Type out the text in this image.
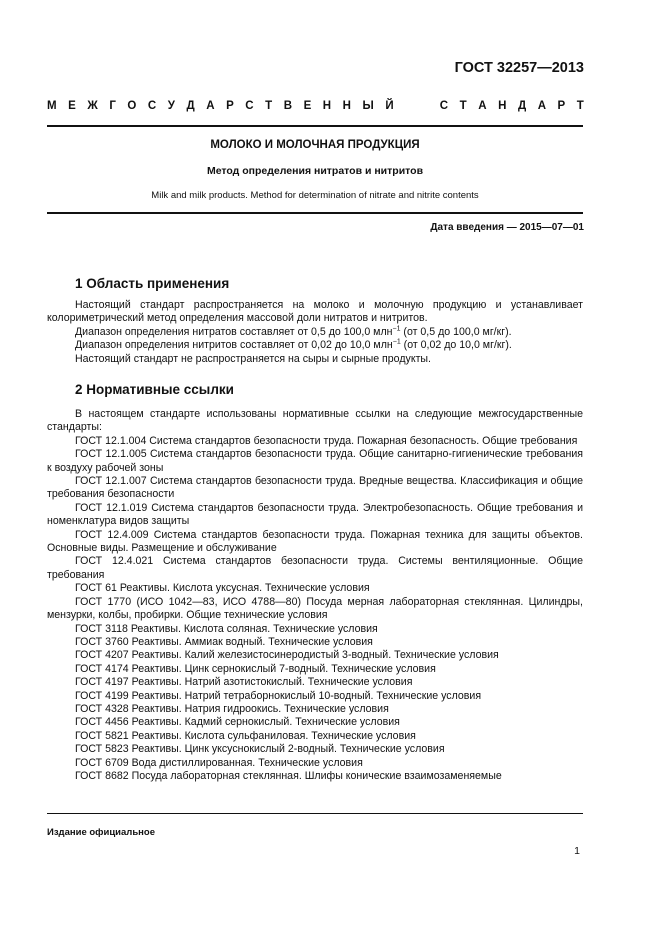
ГОСТ 32257—2013
М Е Ж Г О С У Д А Р С Т В Е Н Н Ы Й	С Т А Н Д А Р Т
МОЛОКО И МОЛОЧНАЯ ПРОДУКЦИЯ
Метод определения нитратов и нитритов
Milk and milk products. Method for determination of nitrate and nitrite contents
Дата введения — 2015—07—01
1 Область применения

Настоящий стандарт распространяется на молоко и молочную продукцию и устанавливает колориметрический метод определения массовой доли нитратов и нитритов.

Диапазон определения нитратов составляет от 0,5 до 100,0 млн$^{-1}$ (от 0,5 до 100,0 мг/кг).

Диапазон определения нитритов составляет от 0,02 до 10,0 млн$^{-1}$ (от 0,02 до 10,0 мг/кг).

Настоящий стандарт не распространяется на сыры и сырные продукты.

2 Нормативные ссылки

В настоящем стандарте использованы нормативные ссылки на следующие межгосударственные стандарты:

ГОСТ 12.1.004 Система стандартов безопасности труда. Пожарная безопасность. Общие требования

ГОСТ 12.1.005 Система стандартов безопасности труда. Общие санитарно-гигиенические требования к воздуху рабочей зоны

ГОСТ 12.1.007 Система стандартов безопасности труда. Вредные вещества. Классификация и общие требования безопасности

ГОСТ 12.1.019 Система стандартов безопасности труда. Электробезопасность. Общие требования и номенклатура видов защиты

ГОСТ 12.4.009 Система стандартов безопасности труда. Пожарная техника для защиты объектов. Основные виды. Размещение и обслуживание

ГОСТ 12.4.021 Система стандартов безопасности труда. Системы вентиляционные. Общие требования

ГОСТ 61 Реактивы. Кислота уксусная. Технические условия

ГОСТ 1770 (ИСО 1042—83, ИСО 4788—80) Посуда мерная лабораторная стеклянная. Цилиндры, мензурки, колбы, пробирки. Общие технические условия

ГОСТ 3118 Реактивы. Кислота соляная. Технические условия

ГОСТ 3760 Реактивы. Аммиак водный. Технические условия

ГОСТ 4207 Реактивы. Калий железистосинеродистый 3-водный. Технические условия

ГОСТ 4174 Реактивы. Цинк сернокислый 7-водный. Технические условия

ГОСТ 4197 Реактивы. Натрий азотистокислый. Технические условия

ГОСТ 4199 Реактивы. Натрий тетраборнокислый 10-водный. Технические условия

ГОСТ 4328 Реактивы. Натрия гидроокись. Технические условия

ГОСТ 4456 Реактивы. Кадмий сернокислый. Технические условия

ГОСТ 5821 Реактивы. Кислота сульфаниловая. Технические условия

ГОСТ 5823 Реактивы. Цинк уксуснокислый 2-водный. Технические условия

ГОСТ 6709 Вода дистиллированная. Технические условия

ГОСТ 8682 Посуда лабораторная стеклянная. Шлифы конические взаимозаменяемые

Издание официальное
1
